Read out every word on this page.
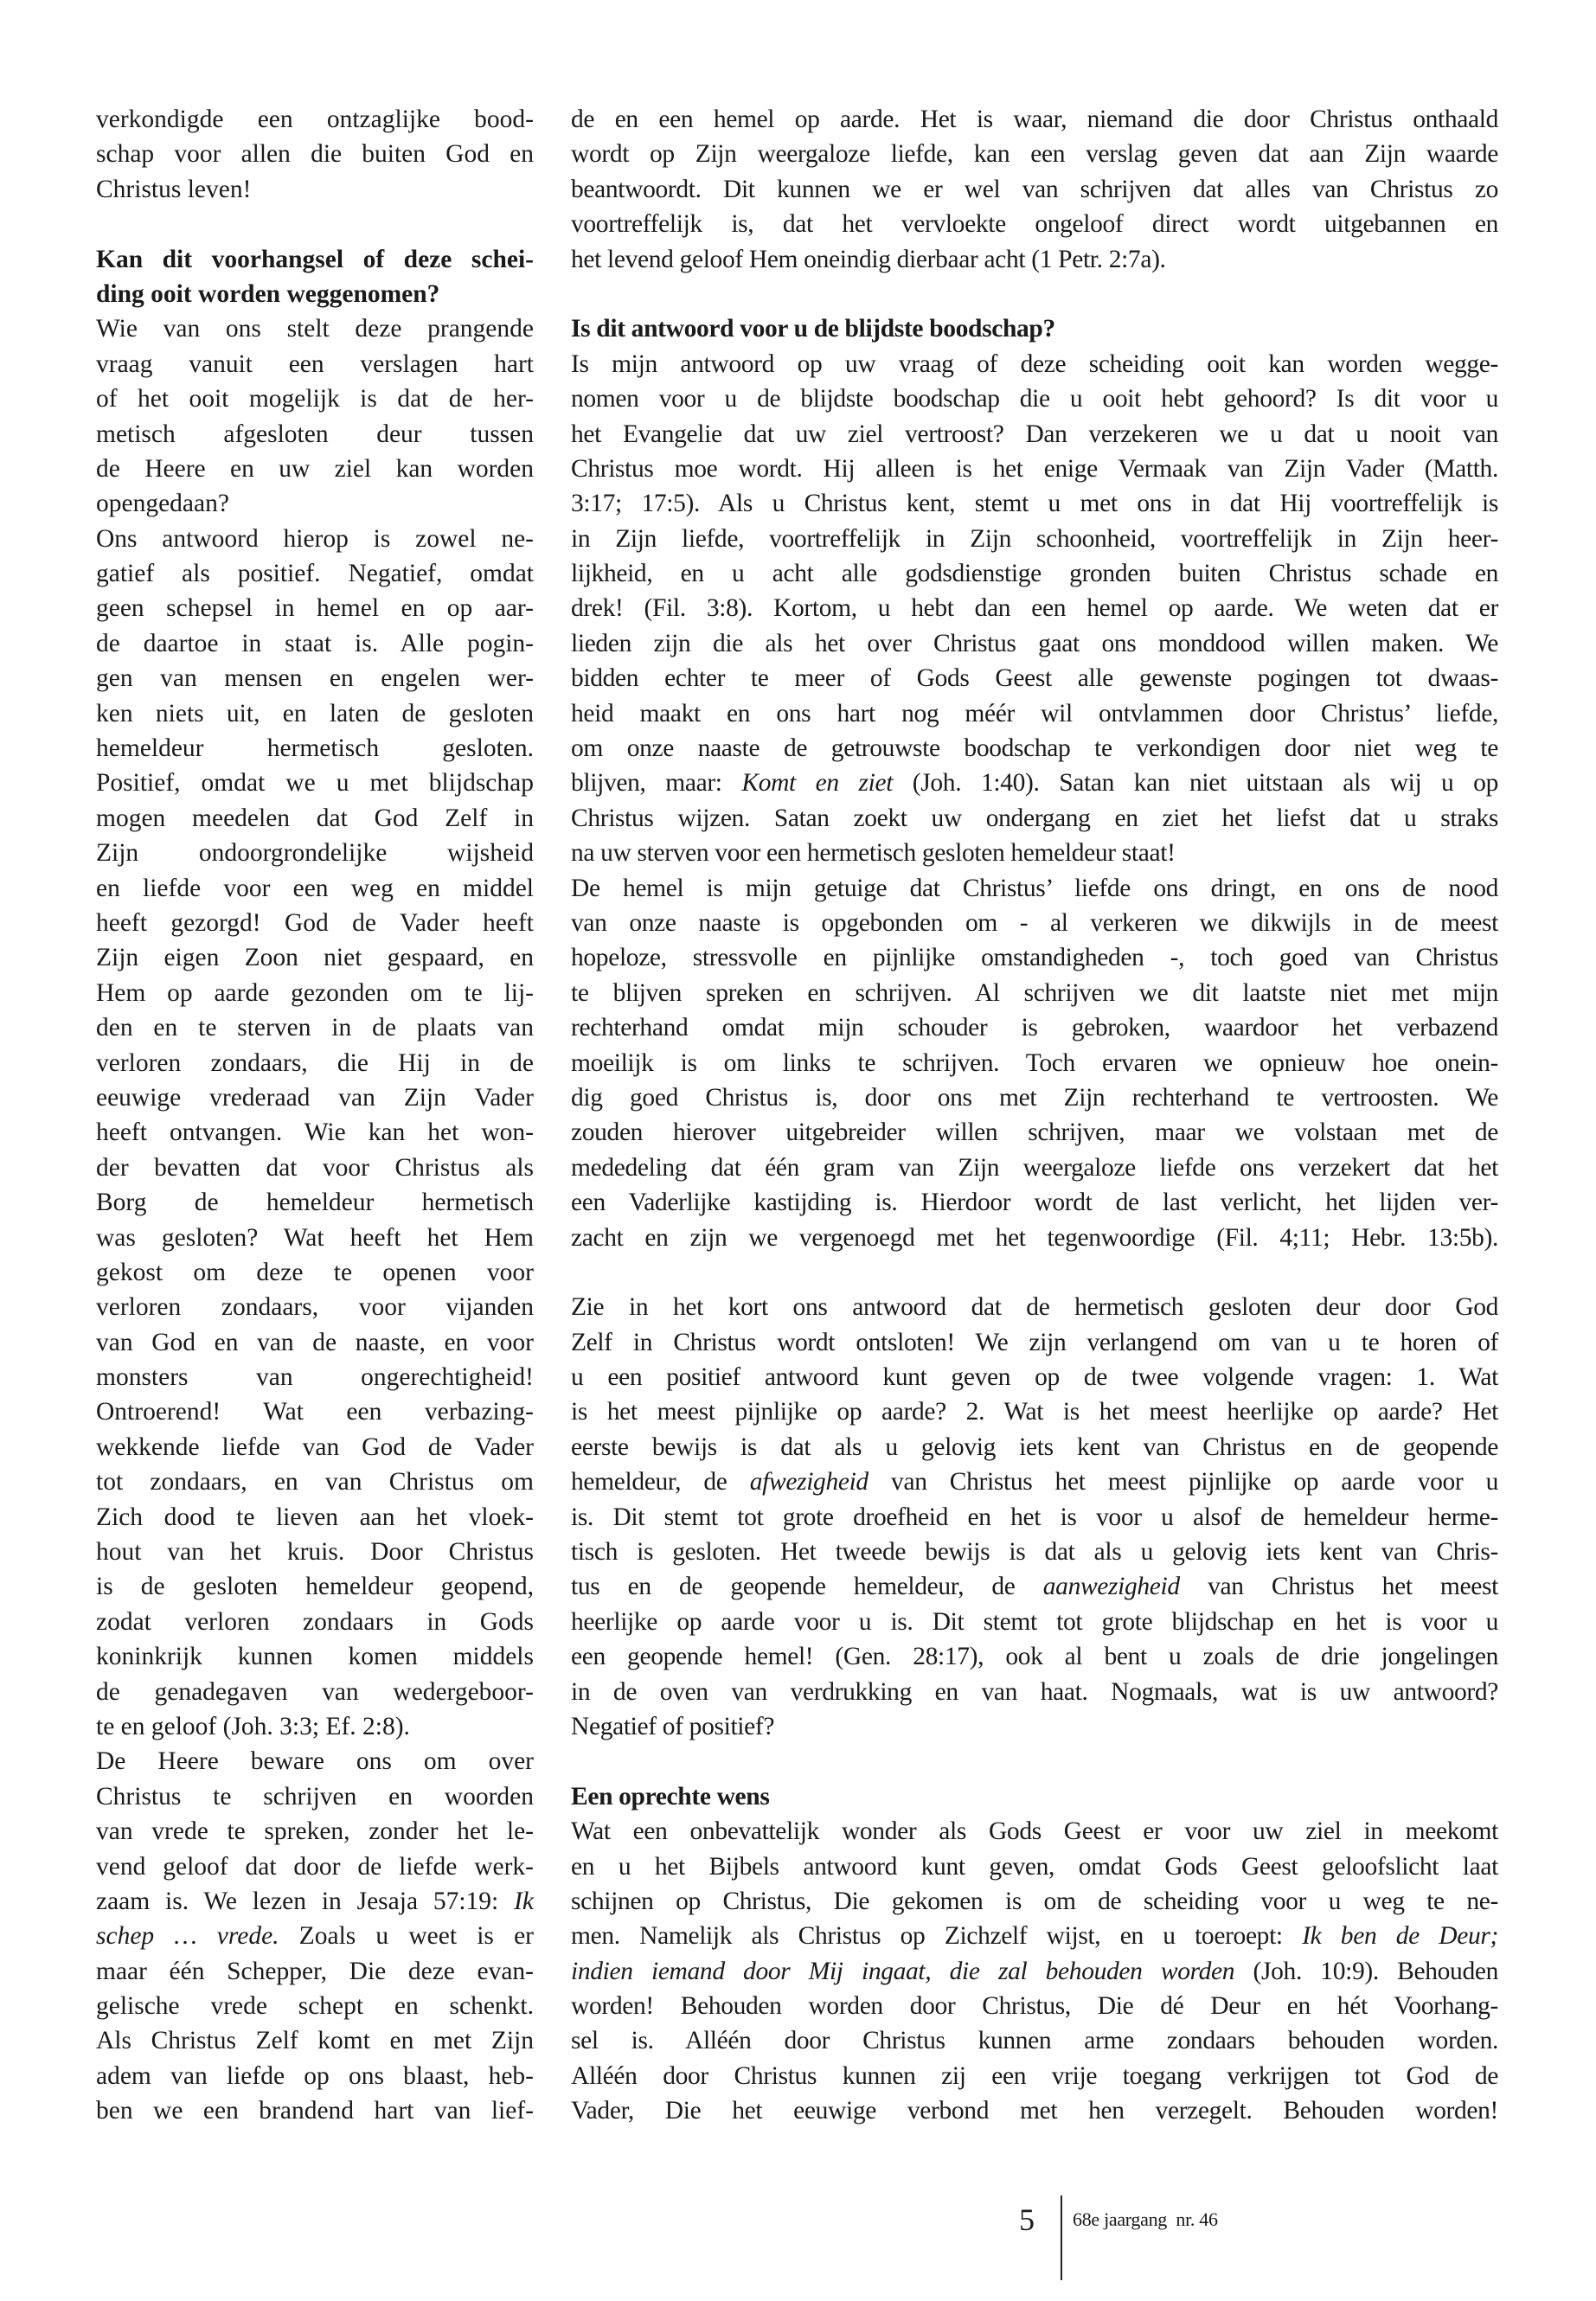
verkondigde een ontzaglijke bood-
schap voor allen die buiten God en
Christus leven!
Kan dit voorhangsel of deze schei-
ding ooit worden weggenomen?
Wie van ons stelt deze prangende
vraag vanuit een verslagen hart
of het ooit mogelijk is dat de her-
metisch afgesloten deur tussen
de Heere en uw ziel kan worden
opengedaan?
Ons antwoord hierop is zowel ne-
gatief als positief. Negatief, omdat
geen schepsel in hemel en op aar-
de daartoe in staat is. Alle pogin-
gen van mensen en engelen wer-
ken niets uit, en laten de gesloten
hemeldeur hermetisch gesloten.
Positief, omdat we u met blijdschap
mogen meedelen dat God Zelf in
Zijn ondoorgrondelijke wijsheid
en liefde voor een weg en middel
heeft gezorgd! God de Vader heeft
Zijn eigen Zoon niet gespaard, en
Hem op aarde gezonden om te lij-
den en te sterven in de plaats van
verloren zondaars, die Hij in de
eeuwige vrederaad van Zijn Vader
heeft ontvangen. Wie kan het won-
der bevatten dat voor Christus als
Borg de hemeldeur hermetisch
was gesloten? Wat heeft het Hem
gekost om deze te openen voor
verloren zondaars, voor vijanden
van God en van de naaste, en voor
monsters van ongerechtigheid!
Ontroerend! Wat een verbazing-
wekkende liefde van God de Vader
tot zondaars, en van Christus om
Zich dood te lieven aan het vloek-
hout van het kruis. Door Christus
is de gesloten hemeldeur geopend,
zodat verloren zondaars in Gods
koninkrijk kunnen komen middels
de genadegaven van wedergeboor-
te en geloof (Joh. 3:3; Ef. 2:8).
De Heere beware ons om over
Christus te schrijven en woorden
van vrede te spreken, zonder het le-
vend geloof dat door de liefde werk-
zaam is. We lezen in Jesaja 57:19: Ik
schep … vrede. Zoals u weet is er
maar één Schepper, Die deze evan-
gelische vrede schept en schenkt.
Als Christus Zelf komt en met Zijn
adem van liefde op ons blaast, heb-
ben we een brandend hart van lief-
de en een hemel op aarde. Het is waar, niemand die door Christus onthaald
wordt op Zijn weergaloze liefde, kan een verslag geven dat aan Zijn waarde
beantwoordt. Dit kunnen we er wel van schrijven dat alles van Christus zo
voortreffelijk is, dat het vervloekte ongeloof direct wordt uitgebannen en
het levend geloof Hem oneindig dierbaar acht (1 Petr. 2:7a).
Is dit antwoord voor u de blijdste boodschap?
Is mijn antwoord op uw vraag of deze scheiding ooit kan worden wegge-
nomen voor u de blijdste boodschap die u ooit hebt gehoord? Is dit voor u
het Evangelie dat uw ziel vertroost? Dan verzekeren we u dat u nooit van
Christus moe wordt. Hij alleen is het enige Vermaak van Zijn Vader (Matth.
3:17; 17:5). Als u Christus kent, stemt u met ons in dat Hij voortreffelijk is
in Zijn liefde, voortreffelijk in Zijn schoonheid, voortreffelijk in Zijn heer-
lijkheid, en u acht alle godsdienstige gronden buiten Christus schade en
drek! (Fil. 3:8). Kortom, u hebt dan een hemel op aarde. We weten dat er
lieden zijn die als het over Christus gaat ons monddood willen maken. We
bidden echter te meer of Gods Geest alle gewenste pogingen tot dwaas-
heid maakt en ons hart nog méér wil ontvlammen door Christus’ liefde,
om onze naaste de getrouwste boodschap te verkondigen door niet weg te
blijven, maar: Komt en ziet (Joh. 1:40). Satan kan niet uitstaan als wij u op
Christus wijzen. Satan zoekt uw ondergang en ziet het liefst dat u straks
na uw sterven voor een hermetisch gesloten hemeldeur staat!
De hemel is mijn getuige dat Christus’ liefde ons dringt, en ons de nood
van onze naaste is opgebonden om - al verkeren we dikwijls in de meest
hopeloze, stressvolle en pijnlijke omstandigheden -, toch goed van Christus
te blijven spreken en schrijven. Al schrijven we dit laatste niet met mijn
rechterhand omdat mijn schouder is gebroken, waardoor het verbazend
moeilijk is om links te schrijven. Toch ervaren we opnieuw hoe onein-
dig goed Christus is, door ons met Zijn rechterhand te vertroosten. We
zouden hierover uitgebreider willen schrijven, maar we volstaan met de
mededeling dat één gram van Zijn weergaloze liefde ons verzekert dat het
een Vaderlijke kastijding is. Hierdoor wordt de last verlicht, het lijden ver-
zacht en zijn we vergenoegd met het tegenwoordige (Fil. 4;11; Hebr. 13:5b).
Zie in het kort ons antwoord dat de hermetisch gesloten deur door God
Zelf in Christus wordt ontsloten! We zijn verlangend om van u te horen of
u een positief antwoord kunt geven op de twee volgende vragen: 1. Wat
is het meest pijnlijke op aarde? 2. Wat is het meest heerlijke op aarde? Het
eerste bewijs is dat als u gelovig iets kent van Christus en de geopende
hemeldeur, de afwezigheid van Christus het meest pijnlijke op aarde voor u
is. Dit stemt tot grote droefheid en het is voor u alsof de hemeldeur herme-
tisch is gesloten. Het tweede bewijs is dat als u gelovig iets kent van Chris-
tus en de geopende hemeldeur, de aanwezigheid van Christus het meest
heerlijke op aarde voor u is. Dit stemt tot grote blijdschap en het is voor u
een geopende hemel! (Gen. 28:17), ook al bent u zoals de drie jongelingen
in de oven van verdrukking en van haat. Nogmaals, wat is uw antwoord?
Negatief of positief?
Een oprechte wens
Wat een onbevattelijk wonder als Gods Geest er voor uw ziel in meekomt
en u het Bijbels antwoord kunt geven, omdat Gods Geest geloofslicht laat
schijnen op Christus, Die gekomen is om de scheiding voor u weg te ne-
men. Namelijk als Christus op Zichzelf wijst, en u toeroept: Ik ben de Deur;
indien iemand door Mij ingaat, die zal behouden worden (Joh. 10:9). Behouden
worden! Behouden worden door Christus, Die dé Deur en hét Voorhang-
sel is. Alléén door Christus kunnen arme zondaars behouden worden.
Alléén door Christus kunnen zij een vrije toegang verkrijgen tot God de
Vader, Die het eeuwige verbond met hen verzegelt. Behouden worden!
5 68e jaargang  nr. 46
